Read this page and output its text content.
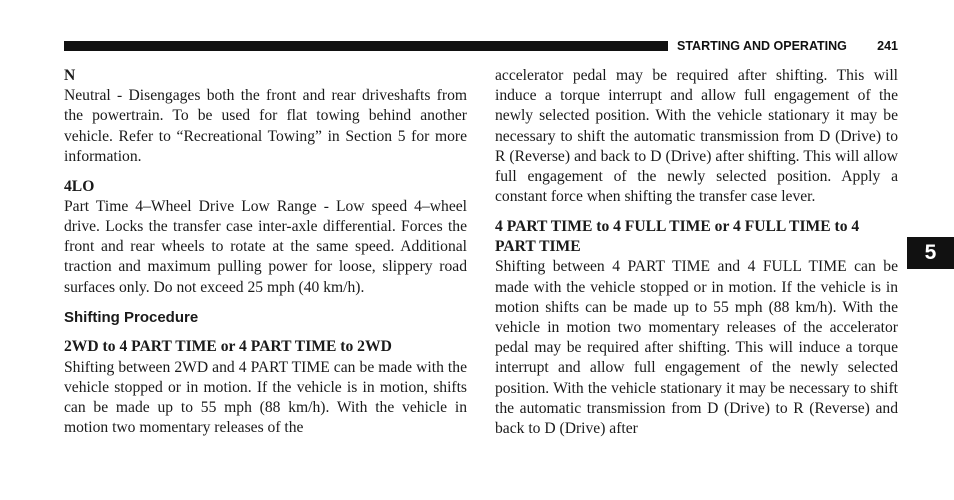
STARTING AND OPERATING 241

N

Neutral - Disengages both the front and rear driveshafts from the powertrain. To be used for flat towing behind another vehicle. Refer to “Recreational Towing” in Section 5 for more information.

4LO

Part Time 4–Wheel Drive Low Range - Low speed 4–wheel drive. Locks the transfer case inter-axle differential. Forces the front and rear wheels to rotate at the same speed. Additional traction and maximum pulling power for loose, slippery road surfaces only. Do not exceed 25 mph (40 km/h).

Shifting Procedure

2WD to 4 PART TIME or 4 PART TIME to 2WD

Shifting between 2WD and 4 PART TIME can be made with the vehicle stopped or in motion. If the vehicle is in motion, shifts can be made up to 55 mph (88 km/h). With the vehicle in motion two momentary releases of the

accelerator pedal may be required after shifting. This will induce a torque interrupt and allow full engagement of the newly selected position. With the vehicle stationary it may be necessary to shift the automatic transmission from D (Drive) to R (Reverse) and back to D (Drive) after shifting. This will allow full engagement of the newly selected position. Apply a constant force when shifting the transfer case lever.

4 PART TIME to 4 FULL TIME or 4 FULL TIME to 4 PART TIME

Shifting between 4 PART TIME and 4 FULL TIME can be made with the vehicle stopped or in motion. If the vehicle is in motion shifts can be made up to 55 mph (88 km/h). With the vehicle in motion two momentary releases of the accelerator pedal may be required after shifting. This will induce a torque interrupt and allow full engagement of the newly selected position. With the vehicle stationary it may be necessary to shift the automatic transmission from D (Drive) to R (Reverse) and back to D (Drive) after

5
